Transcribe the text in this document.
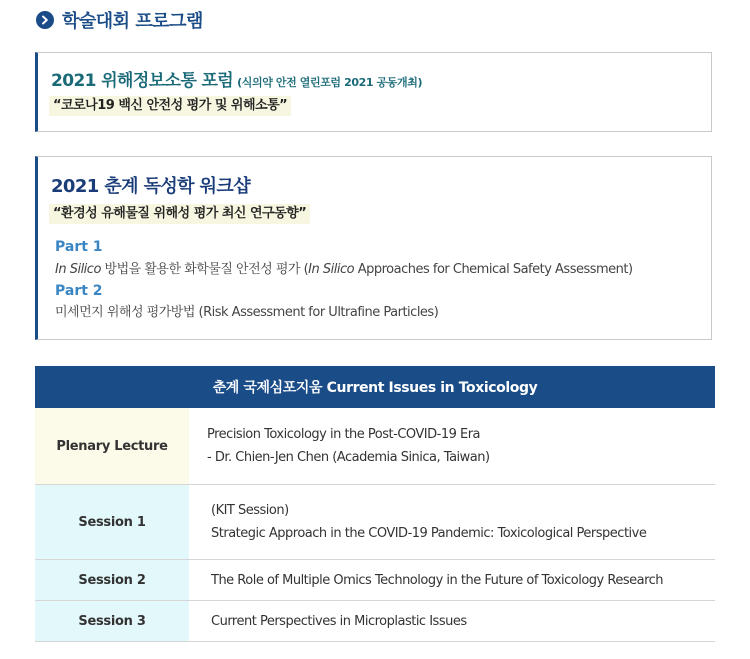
학술대회 프로그램
2021 위해정보소통 포럼 (식의약 안전 열린포럼 2021 공동개최)
“코로나19 백신 안전성 평가 및 위해소통”
2021 춘계 독성학 워크샵
“환경성 유해물질 위해성 평가 최신 연구동향”
Part 1
In Silico 방법을 활용한 화학물질 안전성 평가 (In Silico Approaches for Chemical Safety Assessment)
Part 2
미세먼지 위해성 평가방법 (Risk Assessment for Ultrafine Particles)
춘계 국제심포지움 Current Issues in Toxicology
Plenary Lecture
Precision Toxicology in the Post-COVID-19 Era
- Dr. Chien-Jen Chen (Academia Sinica, Taiwan)
Session 1
(KIT Session)
Strategic Approach in the COVID-19 Pandemic: Toxicological Perspective
Session 2	The Role of Multiple Omics Technology in the Future of Toxicology Research
Session 3	Current Perspectives in Microplastic Issues
